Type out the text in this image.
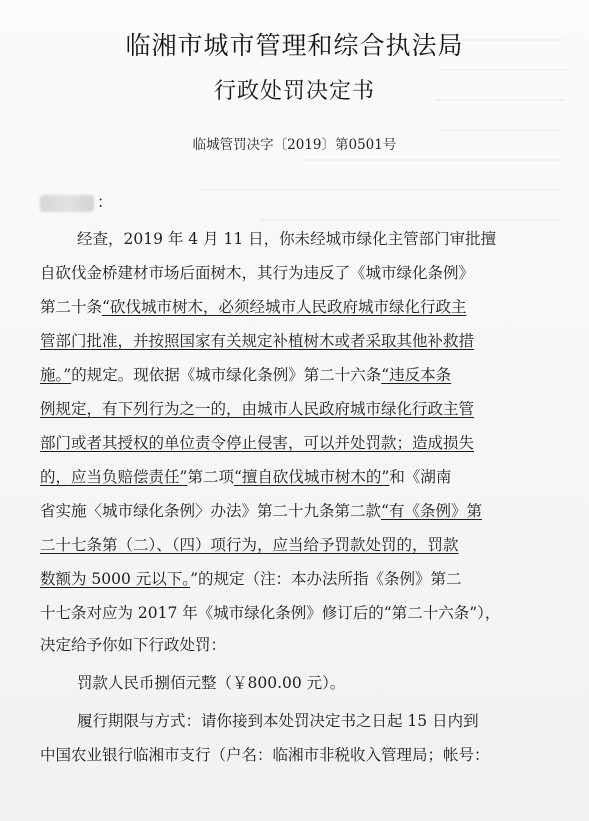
临湘市城市管理和综合执法局
行政处罚决定书
临城管罚决字〔2019〕第0501号
：
经查，2019 年 4 月 11 日，你未经城市绿化主管部门审批擅
自砍伐金桥建材市场后面树木，其行为违反了《城市绿化条例》
第二十条“砍伐城市树木，必须经城市人民政府城市绿化行政主
管部门批准，并按照国家有关规定补植树木或者采取其他补救措
施。”的规定。现依据《城市绿化条例》第二十六条“违反本条
例规定，有下列行为之一的，由城市人民政府城市绿化行政主管
部门或者其授权的单位责令停止侵害，可以并处罚款；造成损失
的，应当负赔偿责任”第二项“擅自砍伐城市树木的”和《湖南
省实施〈城市绿化条例〉办法》第二十九条第二款“有《条例》第
二十七条第（二）、（四）项行为，应当给予罚款处罚的，罚款
数额为 5000 元以下。”的规定（注：本办法所指《条例》第二
十七条对应为 2017 年《城市绿化条例》修订后的“第二十六条”），
决定给予你如下行政处罚：
罚款人民币捌佰元整（￥800.00 元）。
履行期限与方式：请你接到本处罚决定书之日起 15 日内到
中国农业银行临湘市支行（户名：临湘市非税收入管理局；帐号：
